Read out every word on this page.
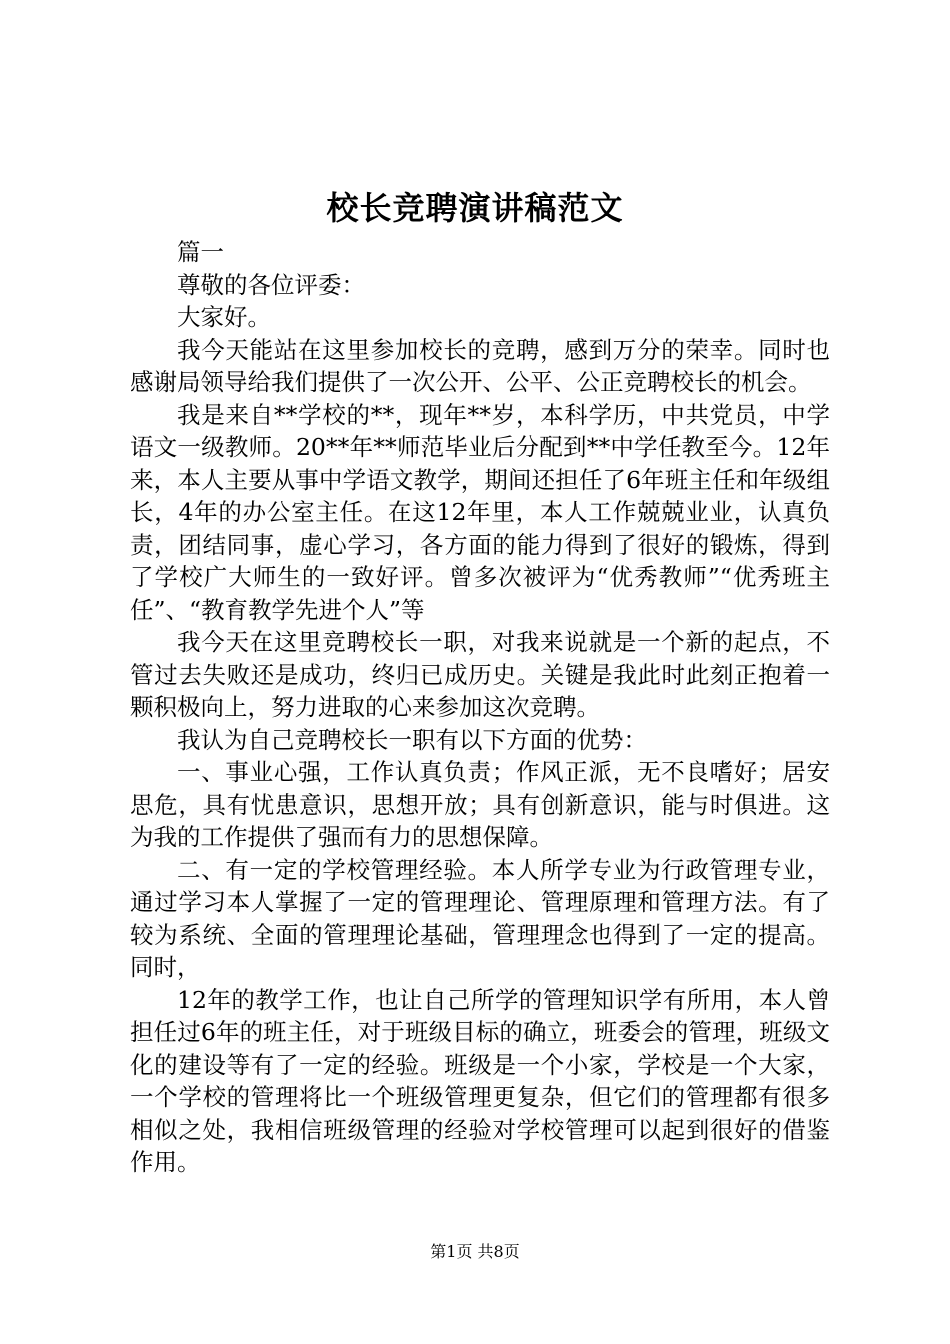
校长竞聘演讲稿范文

篇一

尊敬的各位评委：

大家好。

我今天能站在这里参加校长的竞聘，感到万分的荣幸。同时也感谢局领导给我们提供了一次公开、公平、公正竞聘校长的机会。

我是来自**学校的**，现年**岁，本科学历，中共党员，中学语文一级教师。20**年**师范毕业后分配到**中学任教至今。12年来，本人主要从事中学语文教学，期间还担任了6年班主任和年级组长，4年的办公室主任。在这12年里，本人工作兢兢业业，认真负责，团结同事，虚心学习，各方面的能力得到了很好的锻炼，得到了学校广大师生的一致好评。曾多次被评为“优秀教师”“优秀班主任”、“教育教学先进个人”等

我今天在这里竞聘校长一职，对我来说就是一个新的起点，不管过去失败还是成功，终归已成历史。关键是我此时此刻正抱着一颗积极向上，努力进取的心来参加这次竞聘。

我认为自己竞聘校长一职有以下方面的优势：

一、事业心强，工作认真负责；作风正派，无不良嗜好；居安思危，具有忧患意识，思想开放；具有创新意识，能与时俱进。这为我的工作提供了强而有力的思想保障。

二、有一定的学校管理经验。本人所学专业为行政管理专业，通过学习本人掌握了一定的管理理论、管理原理和管理方法。有了较为系统、全面的管理理论基础，管理理念也得到了一定的提高。同时，

12年的教学工作，也让自己所学的管理知识学有所用，本人曾担任过6年的班主任，对于班级目标的确立，班委会的管理，班级文化的建设等有了一定的经验。班级是一个小家，学校是一个大家，一个学校的管理将比一个班级管理更复杂，但它们的管理都有很多相似之处，我相信班级管理的经验对学校管理可以起到很好的借鉴作用。

第1页 共8页
